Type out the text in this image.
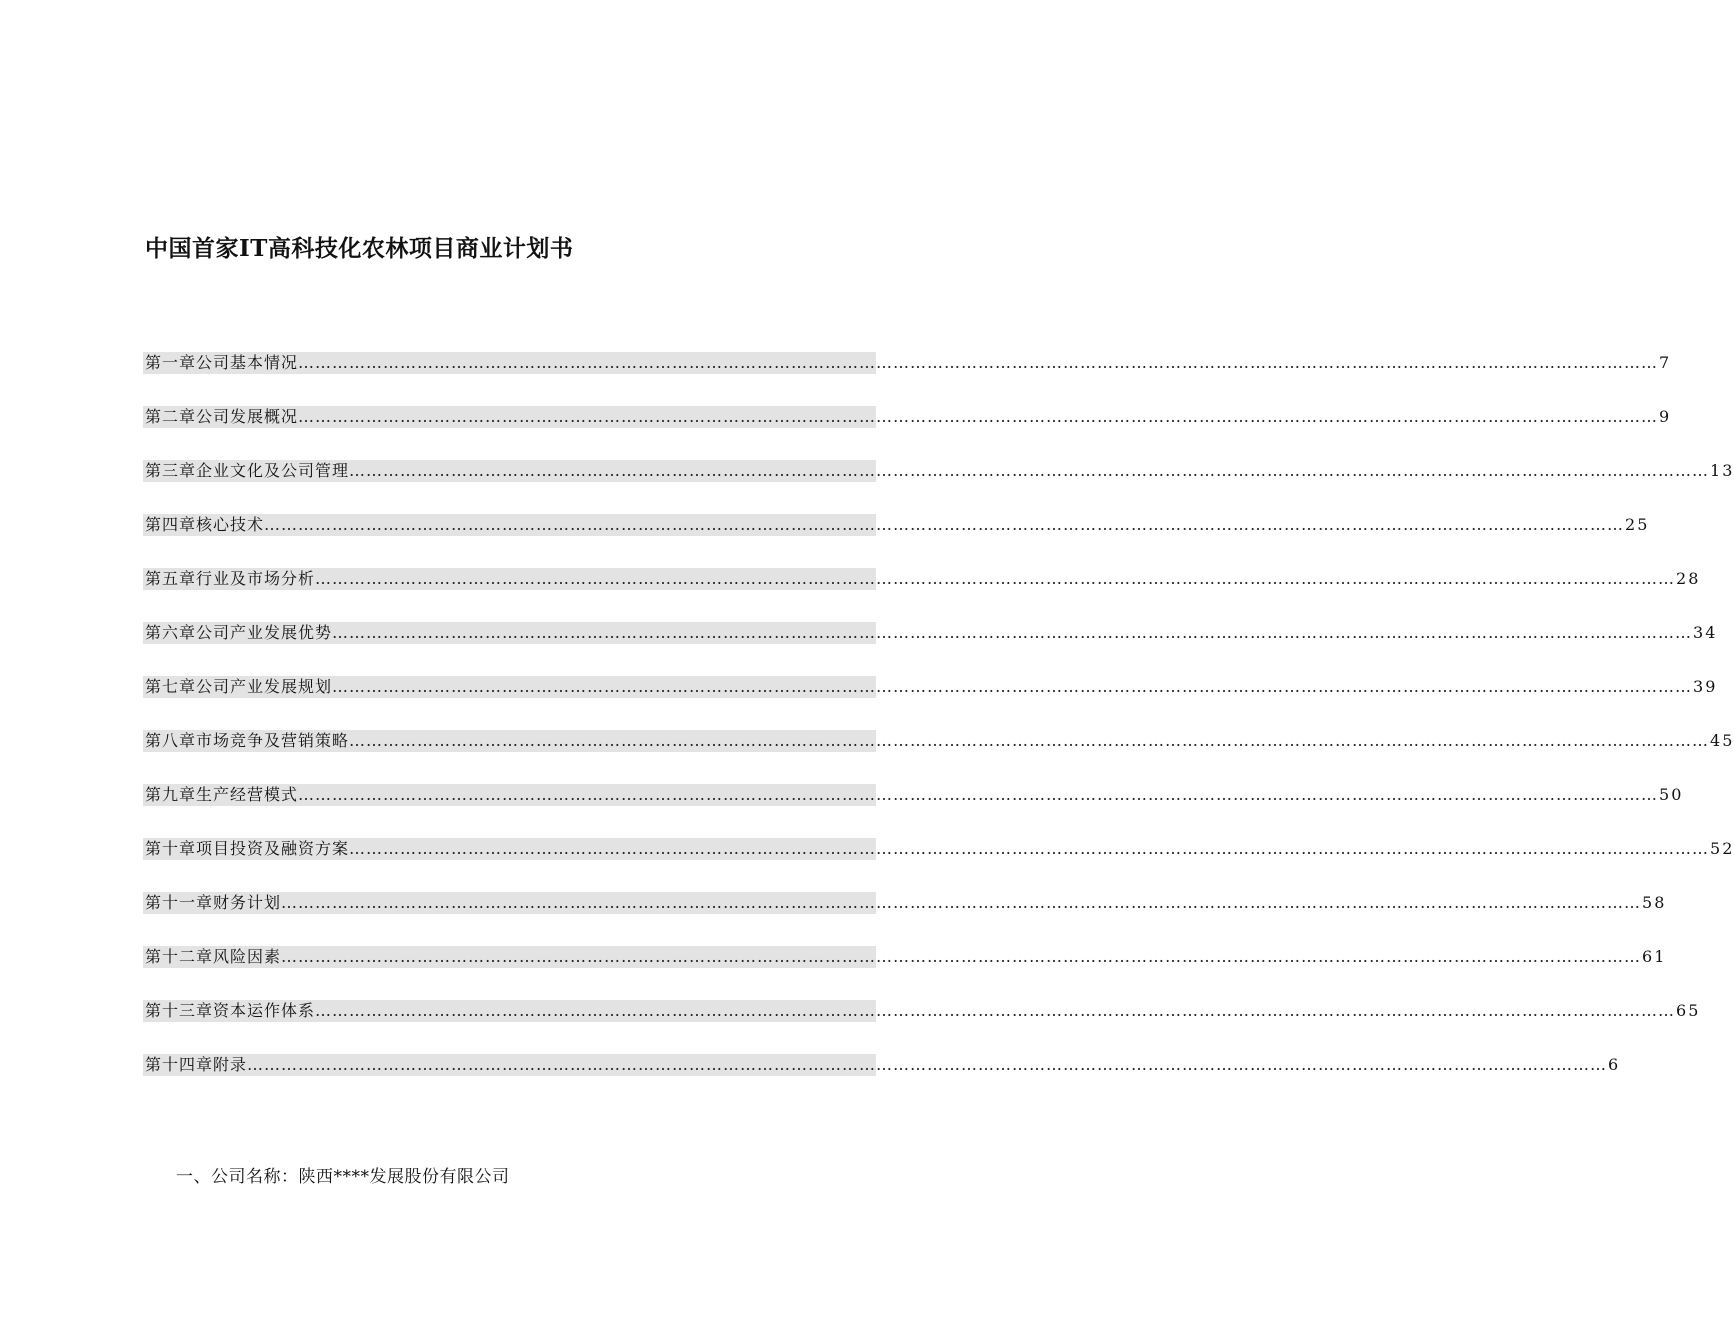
中国首家IT高科技化农林项目商业计划书
第一章 公司基本情况 …………………………………………………………………………………………………………………………………………………………………………………………………………………… 7
第二章 公司发展概况 …………………………………………………………………………………………………………………………………………………………………………………………………………………… 9
第三章 企业文化及公司管理 …………………………………………………………………………………………………………………………………………………………………………………………………………………… 13
第四章 核心技术 …………………………………………………………………………………………………………………………………………………………………………………………………………………… 25
第五章 行业及市场分析 …………………………………………………………………………………………………………………………………………………………………………………………………………………… 28
第六章 公司产业发展优势 …………………………………………………………………………………………………………………………………………………………………………………………………………………… 34
第七章 公司产业发展规划 …………………………………………………………………………………………………………………………………………………………………………………………………………………… 39
第八章 市场竞争及营销策略 …………………………………………………………………………………………………………………………………………………………………………………………………………………… 45
第九章 生产经营模式 …………………………………………………………………………………………………………………………………………………………………………………………………………………… 50
第十章 项目投资及融资方案 …………………………………………………………………………………………………………………………………………………………………………………………………………………… 52
第十一章 财务计划 …………………………………………………………………………………………………………………………………………………………………………………………………………………… 58
第十二章 风险因素 …………………………………………………………………………………………………………………………………………………………………………………………………………………… 61
第十三章 资本运作体系 …………………………………………………………………………………………………………………………………………………………………………………………………………………… 65
第十四章 附录 …………………………………………………………………………………………………………………………………………………………………………………………………………………… 6
一、公司名称：陕西****发展股份有限公司
